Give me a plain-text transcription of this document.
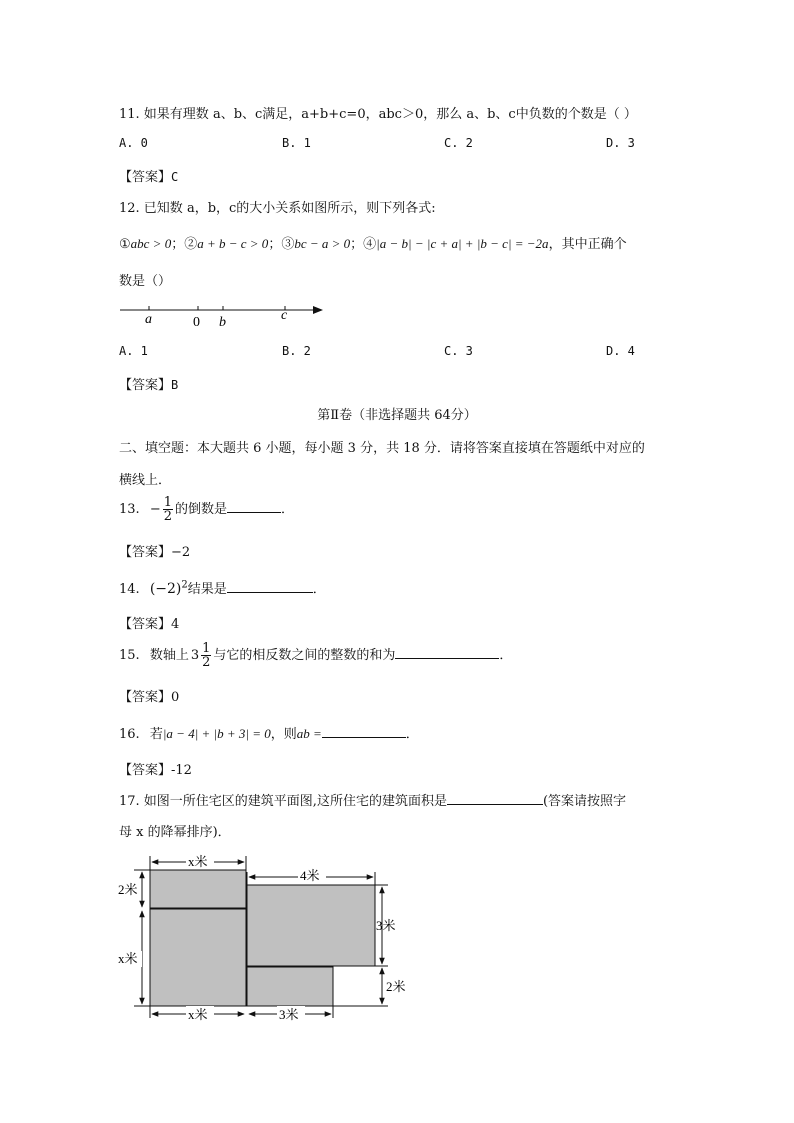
11. 如果有理数 a、b、c满足，a+b+c=0，abc＞0，那么 a、b、c中负数的个数是（ ）
A. 0	B. 1	C. 2	D. 3
【答案】C
12. 已知数 a，b，c的大小关系如图所示，则下列各式:
①abc > 0；②a + b − c > 0；③bc − a > 0；④|a − b| − |c + a| + |b − c| = −2a，其中正确个
数是（）
a	0 b	c
A. 1	B. 2	C. 3	D. 4
【答案】B
第Ⅱ卷（非选择题共 64分）
二、填空题：本大题共 6 小题，每小题 3 分，共 18 分．请将答案直接填在答题纸中对应的
横线上．
13. − $\frac{1}{2}$ 的倒数是	．
【答案】−2
14. $(-2)^2$结果是	．
【答案】4
15. 数轴上 $3 \frac{1}{2}$ 与它的相反数之间的整数的和为	．
【答案】0
16. 若|a − 4| + |b + 3| = 0，则ab =	．
【答案】-12
17. 如图一所住宅区的建筑平面图,这所住宅的建筑面积是	(答案请按照字
母 x 的降幂排序)．
x米
4米
2米
x米
3米
2米
x米	3米
